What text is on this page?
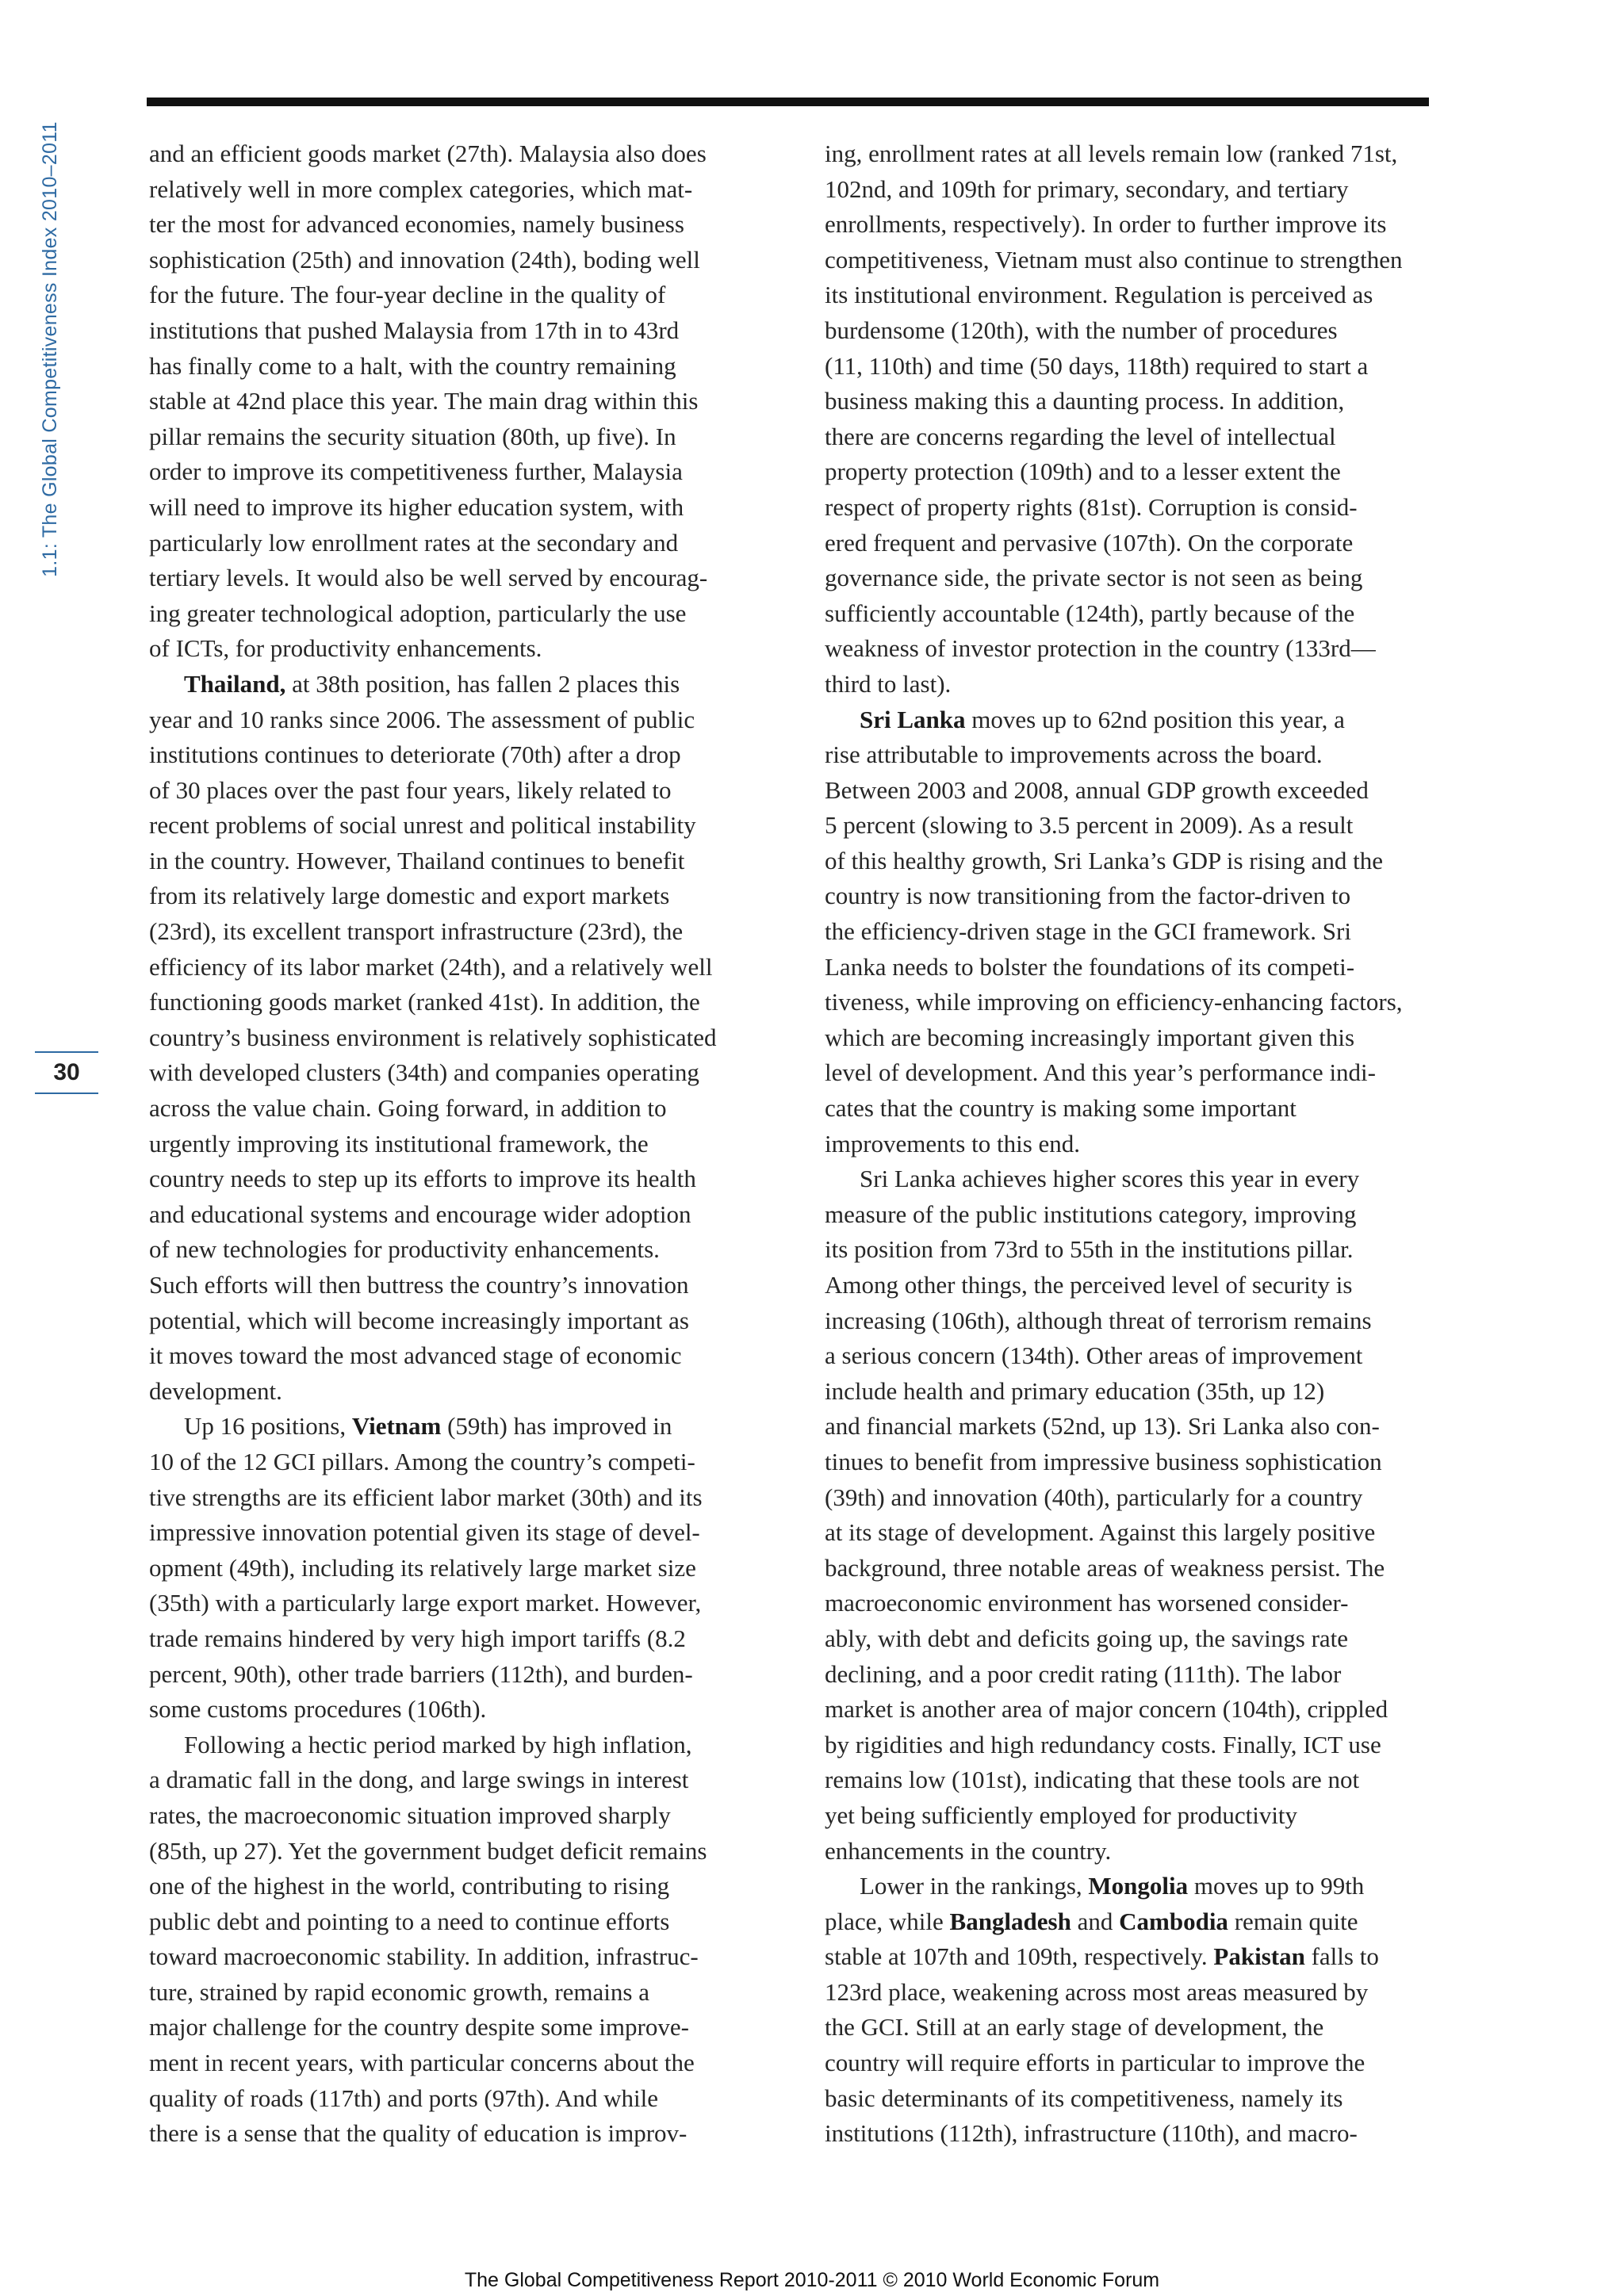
1.1: The Global Competitiveness Index 2010–2011
30
and an efficient goods market (27th). Malaysia also does
relatively well in more complex categories, which mat-
ter the most for advanced economies, namely business
sophistication (25th) and innovation (24th), boding well
for the future. The four-year decline in the quality of
institutions that pushed Malaysia from 17th in to 43rd
has finally come to a halt, with the country remaining
stable at 42nd place this year. The main drag within this
pillar remains the security situation (80th, up five). In
order to improve its competitiveness further, Malaysia
will need to improve its higher education system, with
particularly low enrollment rates at the secondary and
tertiary levels. It would also be well served by encourag-
ing greater technological adoption, particularly the use
of ICTs, for productivity enhancements.
Thailand, at 38th position, has fallen 2 places this
year and 10 ranks since 2006. The assessment of public
institutions continues to deteriorate (70th) after a drop
of 30 places over the past four years, likely related to
recent problems of social unrest and political instability
in the country. However, Thailand continues to benefit
from its relatively large domestic and export markets
(23rd), its excellent transport infrastructure (23rd), the
efficiency of its labor market (24th), and a relatively well
functioning goods market (ranked 41st). In addition, the
country’s business environment is relatively sophisticated
with developed clusters (34th) and companies operating
across the value chain. Going forward, in addition to
urgently improving its institutional framework, the
country needs to step up its efforts to improve its health
and educational systems and encourage wider adoption
of new technologies for productivity enhancements.
Such efforts will then buttress the country’s innovation
potential, which will become increasingly important as
it moves toward the most advanced stage of economic
development.
Up 16 positions, Vietnam (59th) has improved in
10 of the 12 GCI pillars. Among the country’s competi-
tive strengths are its efficient labor market (30th) and its
impressive innovation potential given its stage of devel-
opment (49th), including its relatively large market size
(35th) with a particularly large export market. However,
trade remains hindered by very high import tariffs (8.2
percent, 90th), other trade barriers (112th), and burden-
some customs procedures (106th).
Following a hectic period marked by high inflation,
a dramatic fall in the dong, and large swings in interest
rates, the macroeconomic situation improved sharply
(85th, up 27). Yet the government budget deficit remains
one of the highest in the world, contributing to rising
public debt and pointing to a need to continue efforts
toward macroeconomic stability. In addition, infrastruc-
ture, strained by rapid economic growth, remains a
major challenge for the country despite some improve-
ment in recent years, with particular concerns about the
quality of roads (117th) and ports (97th). And while
there is a sense that the quality of education is improv-
ing, enrollment rates at all levels remain low (ranked 71st,
102nd, and 109th for primary, secondary, and tertiary
enrollments, respectively). In order to further improve its
competitiveness, Vietnam must also continue to strengthen
its institutional environment. Regulation is perceived as
burdensome (120th), with the number of procedures
(11, 110th) and time (50 days, 118th) required to start a
business making this a daunting process. In addition,
there are concerns regarding the level of intellectual
property protection (109th) and to a lesser extent the
respect of property rights (81st). Corruption is consid-
ered frequent and pervasive (107th). On the corporate
governance side, the private sector is not seen as being
sufficiently accountable (124th), partly because of the
weakness of investor protection in the country (133rd—
third to last).
Sri Lanka moves up to 62nd position this year, a
rise attributable to improvements across the board.
Between 2003 and 2008, annual GDP growth exceeded
5 percent (slowing to 3.5 percent in 2009). As a result
of this healthy growth, Sri Lanka’s GDP is rising and the
country is now transitioning from the factor-driven to
the efficiency-driven stage in the GCI framework. Sri
Lanka needs to bolster the foundations of its competi-
tiveness, while improving on efficiency-enhancing factors,
which are becoming increasingly important given this
level of development. And this year’s performance indi-
cates that the country is making some important
improvements to this end.
Sri Lanka achieves higher scores this year in every
measure of the public institutions category, improving
its position from 73rd to 55th in the institutions pillar.
Among other things, the perceived level of security is
increasing (106th), although threat of terrorism remains
a serious concern (134th). Other areas of improvement
include health and primary education (35th, up 12)
and financial markets (52nd, up 13). Sri Lanka also con-
tinues to benefit from impressive business sophistication
(39th) and innovation (40th), particularly for a country
at its stage of development. Against this largely positive
background, three notable areas of weakness persist. The
macroeconomic environment has worsened consider-
ably, with debt and deficits going up, the savings rate
declining, and a poor credit rating (111th). The labor
market is another area of major concern (104th), crippled
by rigidities and high redundancy costs. Finally, ICT use
remains low (101st), indicating that these tools are not
yet being sufficiently employed for productivity
enhancements in the country.
Lower in the rankings, Mongolia moves up to 99th
place, while Bangladesh and Cambodia remain quite
stable at 107th and 109th, respectively. Pakistan falls to
123rd place, weakening across most areas measured by
the GCI. Still at an early stage of development, the
country will require efforts in particular to improve the
basic determinants of its competitiveness, namely its
institutions (112th), infrastructure (110th), and macro-
The Global Competitiveness Report 2010-2011 © 2010 World Economic Forum
